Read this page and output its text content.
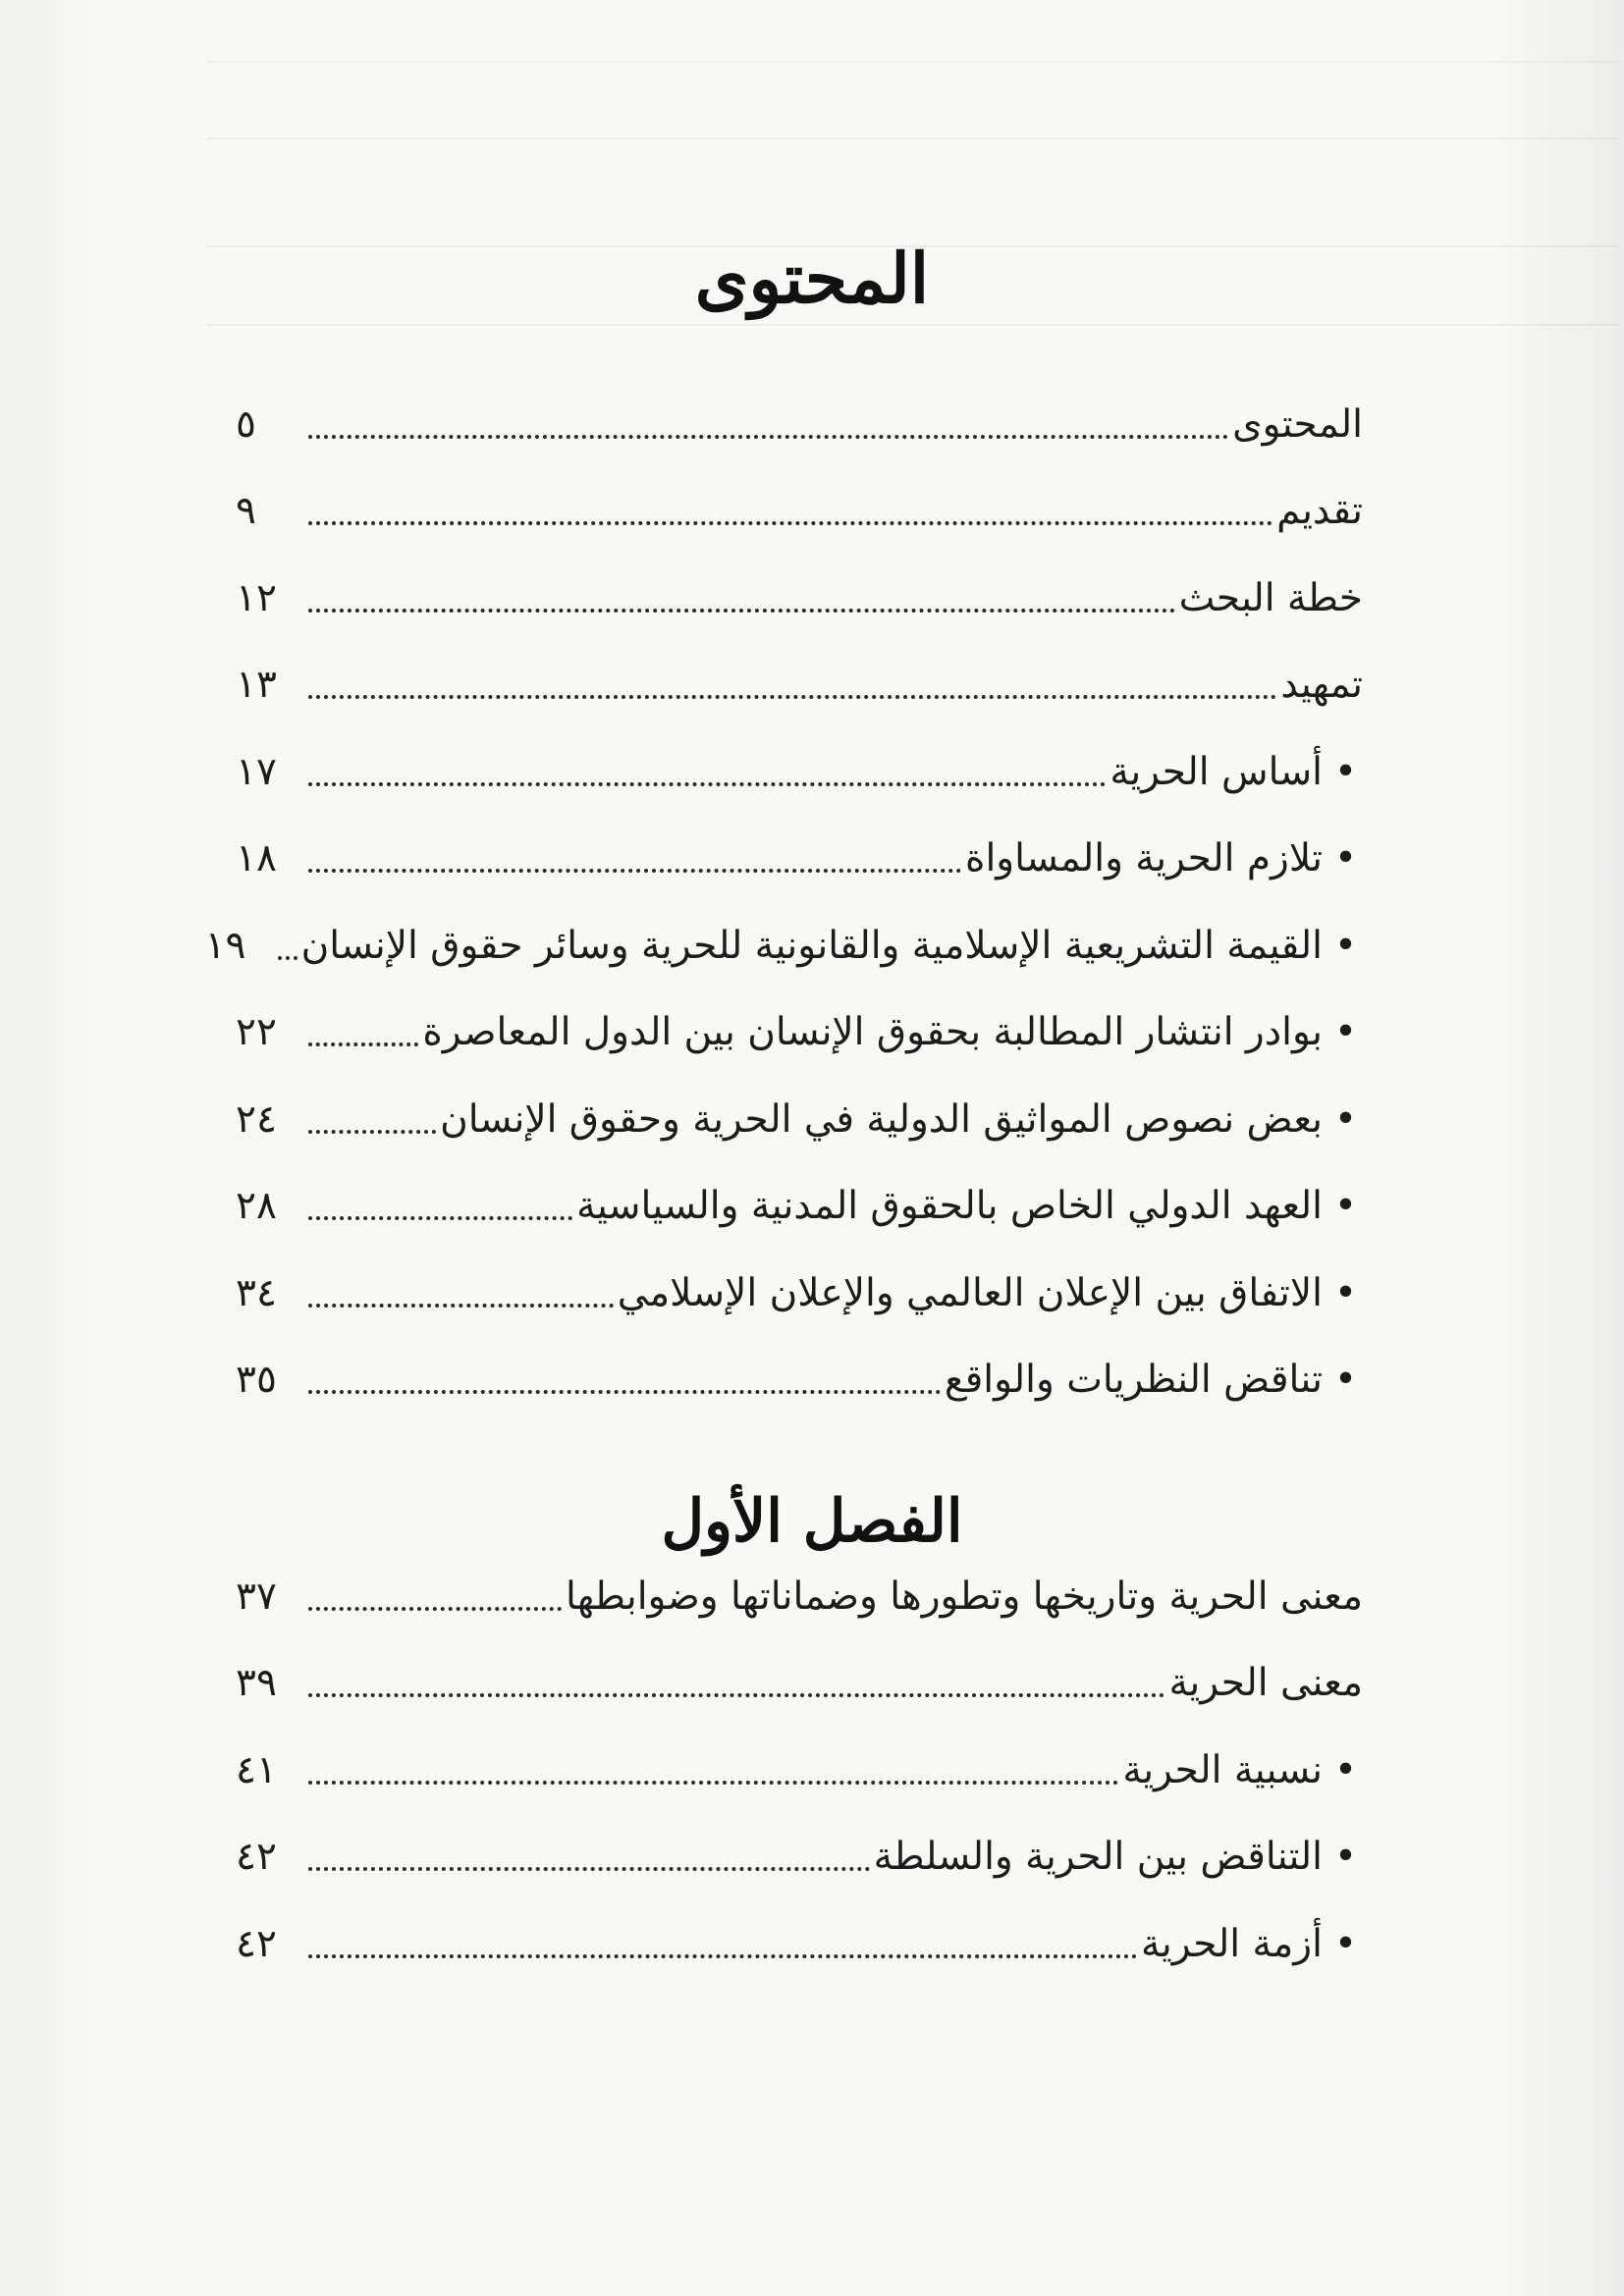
المحتوى
المحتوى
٥
تقديم
٩
خطة البحث
١٢
تمهيد
١٣
• أساس الحرية
١٧
• تلازم الحرية والمساواة
١٨
• القيمة التشريعية الإسلامية والقانونية للحرية وسائر حقوق الإنسان
١٩
• بوادر انتشار المطالبة بحقوق الإنسان بين الدول المعاصرة
٢٢
• بعض نصوص المواثيق الدولية في الحرية وحقوق الإنسان
٢٤
• العهد الدولي الخاص بالحقوق المدنية والسياسية
٢٨
• الاتفاق بين الإعلان العالمي والإعلان الإسلامي
٣٤
• تناقض النظريات والواقع
٣٥
الفصل الأول
معنى الحرية وتاريخها وتطورها وضماناتها وضوابطها
٣٧
معنى الحرية
٣٩
• نسبية الحرية
٤١
• التناقض بين الحرية والسلطة
٤٢
• أزمة الحرية
٤٢
